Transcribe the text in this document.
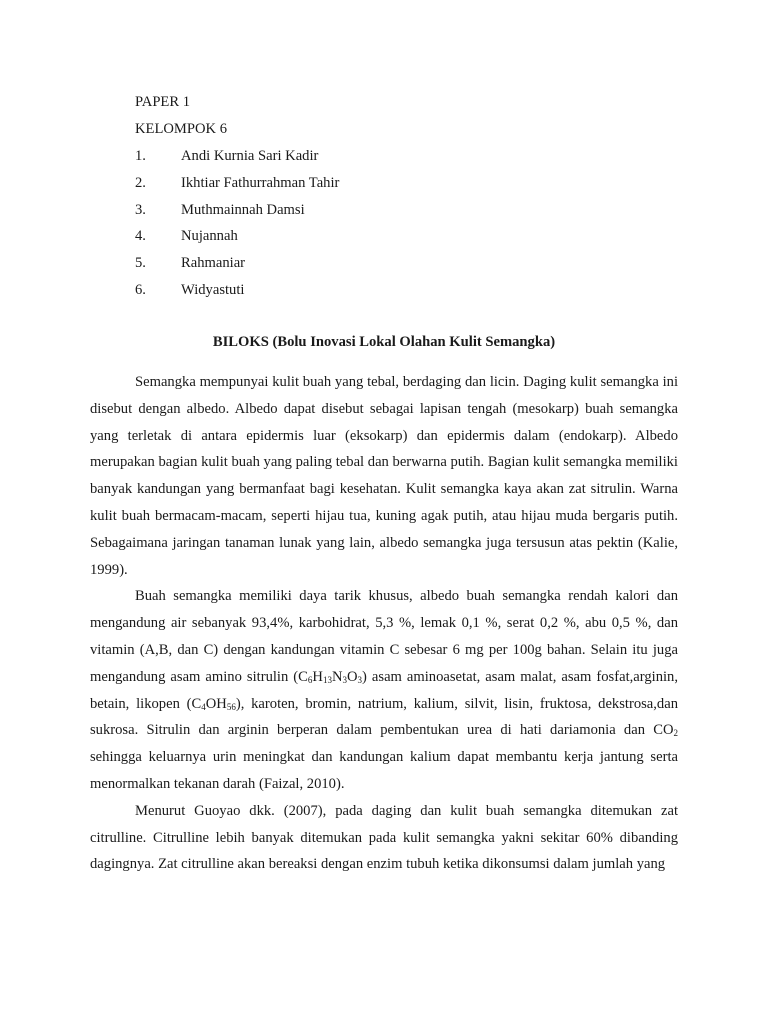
PAPER 1
KELOMPOK 6
1. Andi Kurnia Sari Kadir
2. Ikhtiar Fathurrahman Tahir
3. Muthmainnah Damsi
4. Nujannah
5. Rahmaniar
6. Widyastuti
BILOKS (Bolu Inovasi Lokal Olahan Kulit Semangka)

Semangka mempunyai kulit buah yang tebal, berdaging dan licin. Daging kulit semangka ini disebut dengan albedo. Albedo dapat disebut sebagai lapisan tengah (mesokarp) buah semangka yang terletak di antara epidermis luar (eksokarp) dan epidermis dalam (endokarp). Albedo merupakan bagian kulit buah yang paling tebal dan berwarna putih. Bagian kulit semangka memiliki banyak kandungan yang bermanfaat bagi kesehatan. Kulit semangka kaya akan zat sitrulin. Warna kulit buah bermacam-macam, seperti hijau tua, kuning agak putih, atau hijau muda bergaris putih. Sebagaimana jaringan tanaman lunak yang lain, albedo semangka juga tersusun atas pektin (Kalie, 1999).

Buah semangka memiliki daya tarik khusus, albedo buah semangka rendah kalori dan mengandung air sebanyak 93,4%, karbohidrat, 5,3 %, lemak 0,1 %, serat 0,2 %, abu 0,5 %, dan vitamin (A,B, dan C) dengan kandungan vitamin C sebesar 6 mg per 100g bahan. Selain itu juga mengandung asam amino sitrulin $(C_6H_{13}N_3O_3)$ asam aminoasetat, asam malat, asam fosfat,arginin, betain, likopen $(C_4OH_{56})$, karoten, bromin, natrium, kalium, silvit, lisin, fruktosa, dekstrosa,dan sukrosa. Sitrulin dan arginin berperan dalam pembentukan urea di hati dariamonia dan $CO_2$ sehingga keluarnya urin meningkat dan kandungan kalium dapat membantu kerja jantung serta menormalkan tekanan darah (Faizal, 2010).

Menurut Guoyao dkk. (2007), pada daging dan kulit buah semangka ditemukan zat citrulline. Citrulline lebih banyak ditemukan pada kulit semangka yakni sekitar 60% dibanding dagingnya. Zat citrulline akan bereaksi dengan enzim tubuh ketika dikonsumsi dalam jumlah yang
